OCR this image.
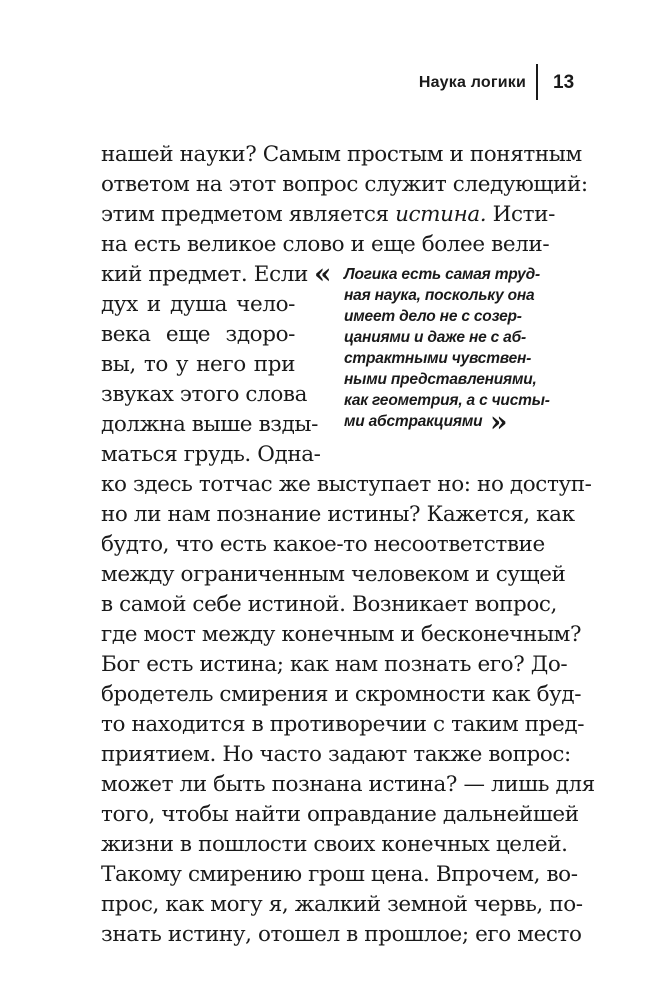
Наука логики 13
нашей науки? Самым простым и понятным
ответом на этот вопрос служит следующий:
этим предметом является истина. Исти-
на есть великое слово и еще более вели-
кий предмет. Если
дух и душа чело-
века еще здоро-
вы, то у него при
звуках этого слова
должна выше взды-
маться грудь. Одна-
ко здесь тотчас же выступает но: но доступ-
но ли нам познание истины? Кажется, как
будто, что есть какое-то несоответствие
между ограниченным человеком и сущей
в самой себе истиной. Возникает вопрос,
где мост между конечным и бесконечным?
Бог есть истина; как нам познать его? До-
бродетель смирения и скромности как буд-
то находится в противоречии с таким пред-
приятием. Но часто задают также вопрос:
может ли быть познана истина? — лишь для
того, чтобы найти оправдание дальнейшей
жизни в пошлости своих конечных целей.
Такому смирению грош цена. Впрочем, во-
прос, как могу я, жалкий земной червь, по-
знать истину, отошел в прошлое; его место
« Логика есть самая труд-
ная наука, поскольку она
имеет дело не с созер-
цаниями и даже не с аб-
страктными чувствен-
ными представлениями,
как геометрия, а с чисты-
ми абстракциями »
